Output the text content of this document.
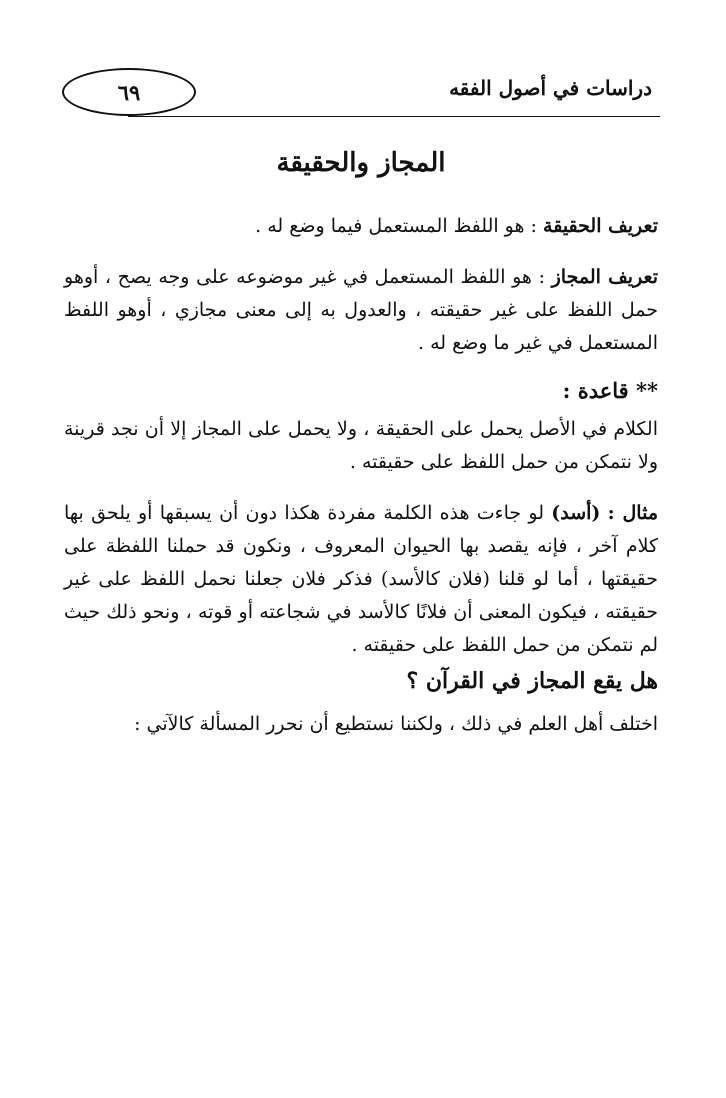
٦٩	دراسات في أصول الفقه
المجاز والحقيقة

تعريف الحقيقة : هو اللفظ المستعمل فيما وضع له .

تعريف المجاز : هو اللفظ المستعمل في غير موضوعه على وجه يصح ، أوهو حمل اللفظ على غير حقيقته ، والعدول به إلى معنى مجازي ، أوهو اللفظ المستعمل في غير ما وضع له .

** قاعدة :

الكلام في الأصل يحمل على الحقيقة ، ولا يحمل على المجاز إلا أن نجد قرينة ولا نتمكن من حمل اللفظ على حقيقته .

مثال : (أسد) لو جاءت هذه الكلمة مفردة هكذا دون أن يسبقها أو يلحق بها كلام آخر ، فإنه يقصد بها الحيوان المعروف ، ونكون قد حملنا اللفظة على حقيقتها ، أما لو قلنا (فلان كالأسد) فذكر فلان جعلنا نحمل اللفظ على غير حقيقته ، فيكون المعنى أن فلانًا كالأسد في شجاعته أو قوته ، ونحو ذلك حيث لم نتمكن من حمل اللفظ على حقيقته .

هل يقع المجاز في القرآن ؟

اختلف أهل العلم في ذلك ، ولكننا نستطيع أن نحرر المسألة كالآتي :
